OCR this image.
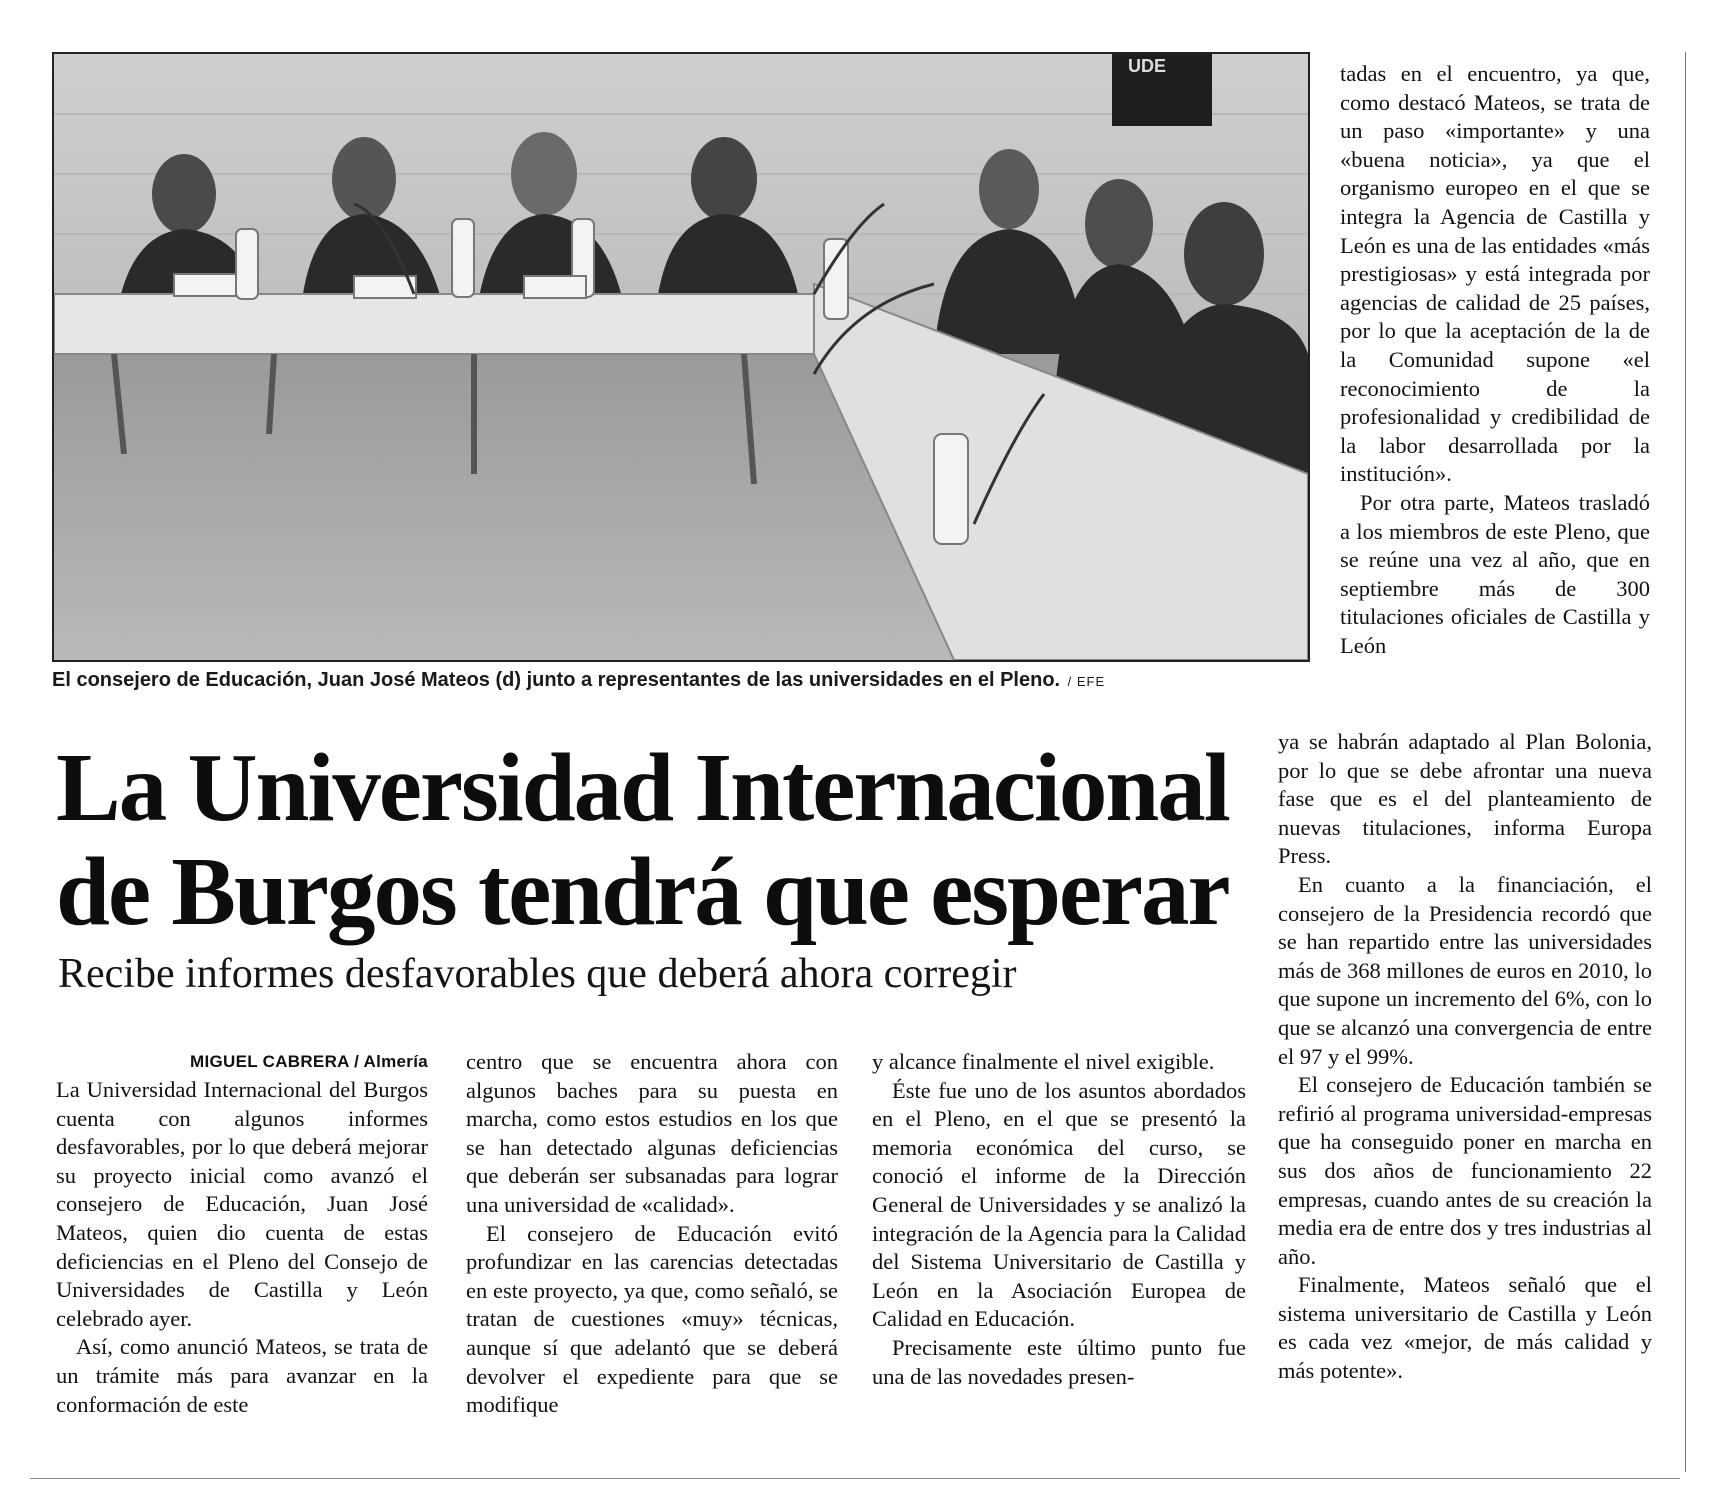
UDE
El consejero de Educación, Juan José Mateos (d) junto a representantes de las universidades en el Pleno. / EFE
La Universidad Internacional
de Burgos tendrá que esperar
Recibe informes desfavorables que deberá ahora corregir
MIGUEL CABRERA / Almería

La Universidad Internacional del Burgos cuenta con algunos informes desfavorables, por lo que deberá mejorar su proyecto inicial como avanzó el consejero de Educación, Juan José Mateos, quien dio cuenta de estas deficiencias en el Pleno del Consejo de Universidades de Castilla y León celebrado ayer.

Así, como anunció Mateos, se trata de un trámite más para avanzar en la conformación de este

centro que se encuentra ahora con algunos baches para su puesta en marcha, como estos estudios en los que se han detectado algunas deficiencias que deberán ser subsanadas para lograr una universidad de «calidad».

El consejero de Educación evitó profundizar en las carencias detectadas en este proyecto, ya que, como señaló, se tratan de cuestiones «muy» técnicas, aunque sí que adelantó que se deberá devolver el expediente para que se modifique

y alcance finalmente el nivel exigible.

Éste fue uno de los asuntos abordados en el Pleno, en el que se presentó la memoria económica del curso, se conoció el informe de la Dirección General de Universidades y se analizó la integración de la Agencia para la Calidad del Sistema Universitario de Castilla y León en la Asociación Europea de Calidad en Educación.

Precisamente este último punto fue una de las novedades presen-

tadas en el encuentro, ya que, como destacó Mateos, se trata de un paso «importante» y una «buena noticia», ya que el organismo europeo en el que se integra la Agencia de Castilla y León es una de las entidades «más prestigiosas» y está integrada por agencias de calidad de 25 países, por lo que la aceptación de la de la Comunidad supone «el reconocimiento de la profesionalidad y credibilidad de la labor desarrollada por la institución».

Por otra parte, Mateos trasladó a los miembros de este Pleno, que se reúne una vez al año, que en septiembre más de 300 titulaciones oficiales de Castilla y León

ya se habrán adaptado al Plan Bolonia, por lo que se debe afrontar una nueva fase que es el del planteamiento de nuevas titulaciones, informa Europa Press.

En cuanto a la financiación, el consejero de la Presidencia recordó que se han repartido entre las universidades más de 368 millones de euros en 2010, lo que supone un incremento del 6%, con lo que se alcanzó una convergencia de entre el 97 y el 99%.

El consejero de Educación también se refirió al programa universidad-empresas que ha conseguido poner en marcha en sus dos años de funcionamiento 22 empresas, cuando antes de su creación la media era de entre dos y tres industrias al año.

Finalmente, Mateos señaló que el sistema universitario de Castilla y León es cada vez «mejor, de más calidad y más potente».
